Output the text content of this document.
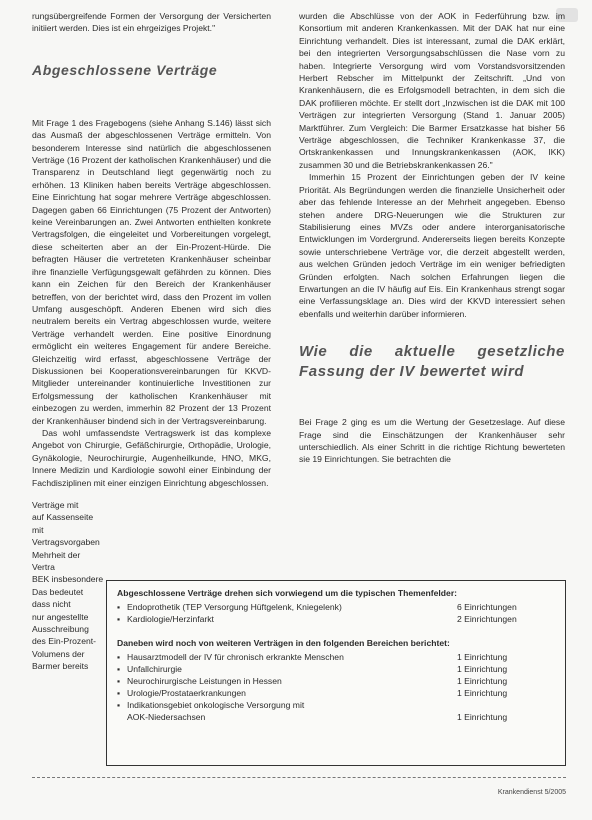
rungsübergreifende Formen der Versorgung der Versicherten initiiert werden. Dies ist ein ehrgeiziges Projekt."

Abgeschlossene Verträge

Mit Frage 1 des Fragebogens (siehe Anhang S.146) lässt sich das Ausmaß der abgeschlossenen Verträge ermitteln. Von besonderem Interesse sind natürlich die abgeschlossenen Verträge (16 Prozent der katholischen Krankenhäuser) und die Transparenz in Deutschland liegt gegenwärtig noch zu erhöhen. 13 Kliniken haben bereits Verträge abgeschlossen. Eine Einrichtung hat sogar mehrere Verträge abgeschlossen. Dagegen gaben 66 Einrichtungen (75 Prozent der Antworten) keine Vereinbarungen an. Zwei Antworten enthielten konkrete Vertragsfolgen, die eingeleitet und Vorbereitungen vorgelegt, diese scheiterten aber an der Ein-Prozent-Hürde. Die befragten Häuser die vertreteten Krankenhäuser scheinbar ihre finanzielle Verfügungsgewalt gefährden zu können. Dies kann ein Zeichen für den Bereich der Krankenhäuser betreffen, von der berichtet wird, dass den Prozent im vollen Umfang ausgeschöpft. Anderen Ebenen wird sich dies neutralem bereits ein Vertrag abgeschlossen wurde, weitere Verträge verhandelt werden. Eine positive Einordnung ermöglicht ein weiteres Engagement für andere Bereiche. Gleichzeitig wird erfasst, abgeschlossene Verträge der Diskussionen bei Kooperationsvereinbarungen für KKVD-Mitglieder untereinander kontinuierliche Investitionen zur Erfolgsmessung der katholischen Krankenhäuser mit einbezogen zu werden, immerhin 82 Prozent der 13 Prozent der Krankenhäuser bindend sich in der Vertragsvereinbarung.

Das wohl umfassendste Vertragswerk ist das komplexe Angebot von Chirurgie, Gefäßchirurgie, Orthopädie, Urologie, Gynäkologie, Neurochirurgie, Augenheilkunde, HNO, MKG, Innere Medizin und Kardiologie sowohl einer Einbindung der Fachdisziplinen mit einer einzigen Einrichtung abgeschlossen.

Verträge mit
auf Kassenseite
mit Vertragsvorgaben
Mehrheit der Vertra
BEK insbesondere
Das bedeutet
dass nicht
nur angestellte
Ausschreibung
des Ein-Prozent-
Volumens der
Barmer bereits

wurden die Abschlüsse von der AOK in Federführung bzw. im Konsortium mit anderen Krankenkassen. Mit der DAK hat nur eine Einrichtung verhandelt. Dies ist interessant, zumal die DAK erklärt, bei den integrierten Versorgungsabschlüssen die Nase vorn zu haben. Integrierte Versorgung wird vom Vorstandsvorsitzenden Herbert Rebscher im Mittelpunkt der Zeitschrift. „Und von Krankenhäusern, die es Erfolgsmodell betrachten, in dem sich die DAK profilieren möchte. Er stellt dort „Inzwischen ist die DAK mit 100 Verträgen zur integrierten Versorgung (Stand 1. Januar 2005) Marktführer. Zum Vergleich: Die Barmer Ersatzkasse hat bisher 56 Verträge abgeschlossen, die Techniker Krankenkasse 37, die Ortskrankenkassen und Innungskrankenkassen (AOK, IKK) zusammen 30 und die Betriebskrankenkassen 26."

Immerhin 15 Prozent der Einrichtungen geben der IV keine Priorität. Als Begründungen werden die finanzielle Unsicherheit oder aber das fehlende Interesse an der Mehrheit angegeben. Ebenso stehen andere DRG-Neuerungen wie die Strukturen zur Stabilisierung eines MVZs oder andere interorganisatorische Entwicklungen im Vordergrund. Andererseits liegen bereits Konzepte sowie unterschriebene Verträge vor, die derzeit abgestellt werden, aus welchen Gründen jedoch Verträge im ein weniger befriedigten Gründen erfolgten. Nach solchen Erfahrungen liegen die Erwartungen an die IV häufig auf Eis. Ein Krankenhaus strengt sogar eine Verfassungsklage an. Dies wird der KKVD interessiert sehen ebenfalls und weiterhin darüber informieren.

Wie die aktuelle gesetzliche Fassung der IV bewertet wird

Bei Frage 2 ging es um die Wertung der Gesetzeslage. Auf diese Frage sind die Einschätzungen der Krankenhäuser sehr unterschiedlich. Als einer Schritt in die richtige Richtung bewerteten sie 19 Einrichtungen. Sie betrachten die

Abgeschlossene Verträge drehen sich vorwiegend um die typischen Themenfelder:
▪ Endoprothetik (TEP Versorgung Hüftgelenk, Kniegelenk)	6 Einrichtungen
▪ Kardiologie/Herzinfarkt	2 Einrichtungen
Daneben wird noch von weiteren Verträgen in den folgenden Bereichen berichtet:
▪ Hausarztmodell der IV für chronisch erkrankte Menschen	1 Einrichtung
▪ Unfallchirurgie	1 Einrichtung
▪ Neurochirurgische Leistungen in Hessen	1 Einrichtung
▪ Urologie/Prostataerkrankungen	1 Einrichtung
▪ Indikationsgebiet onkologische Versorgung mit
AOK-Niedersachsen	1 Einrichtung
Krankendienst 5/2005
